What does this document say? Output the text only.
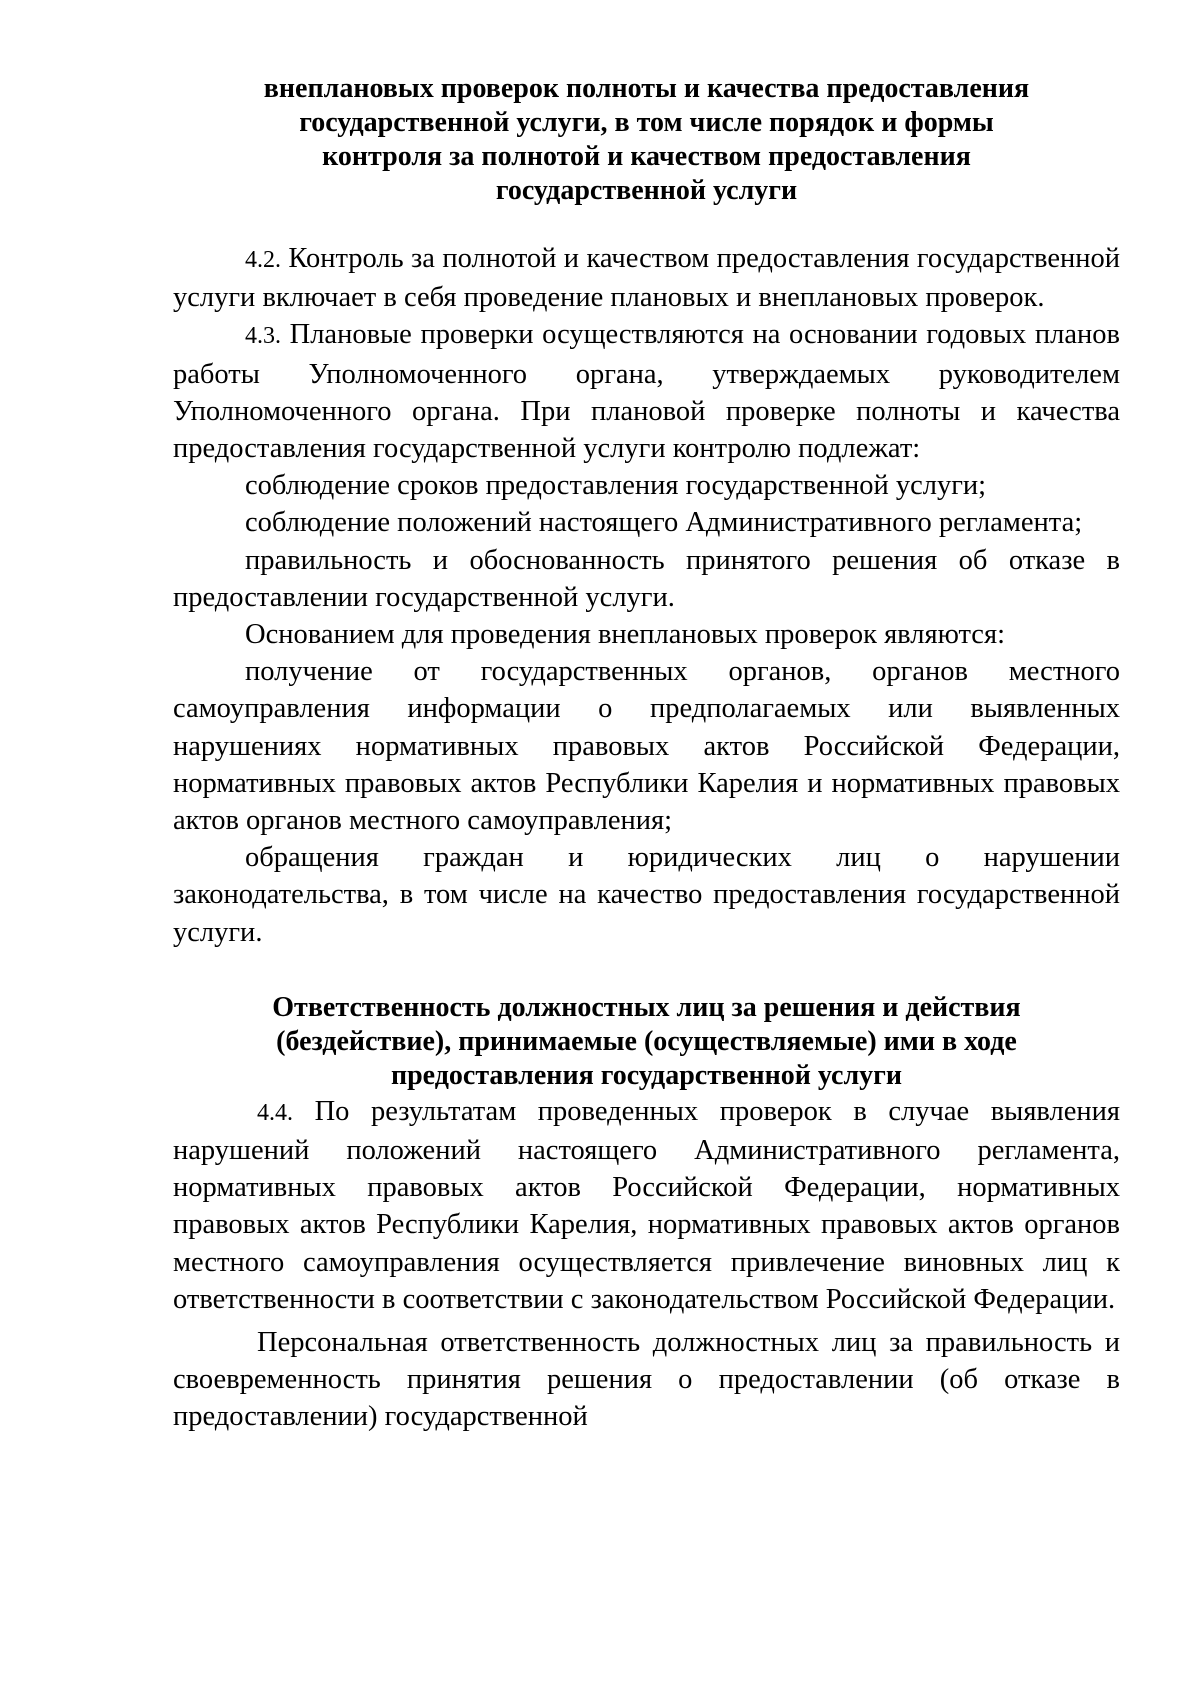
внеплановых проверок полноты и качества предоставления
государственной услуги, в том числе порядок и формы
контроля за полнотой и качеством предоставления
государственной услуги

4.2. Контроль за полнотой и качеством предоставления государственной услуги включает в себя проведение плановых и внеплановых проверок.

4.3. Плановые проверки осуществляются на основании годовых планов работы Уполномоченного органа, утверждаемых руководителем Уполномоченного органа. При плановой проверке полноты и качества предоставления государственной услуги контролю подлежат:

соблюдение сроков предоставления государственной услуги;

соблюдение положений настоящего Административного регламента;

правильность и обоснованность принятого решения об отказе в предоставлении государственной услуги.

Основанием для проведения внеплановых проверок являются:

получение от государственных органов, органов местного самоуправления информации о предполагаемых или выявленных нарушениях нормативных правовых актов Российской Федерации, нормативных правовых актов Республики Карелия и нормативных правовых актов органов местного самоуправления;

обращения граждан и юридических лиц о нарушении законодательства, в том числе на качество предоставления государственной услуги.

Ответственность должностных лиц за решения и действия
(бездействие), принимаемые (осуществляемые) ими в ходе
предоставления государственной услуги

4.4. По результатам проведенных проверок в случае выявления нарушений положений настоящего Административного регламента, нормативных правовых актов Российской Федерации, нормативных правовых актов Республики Карелия, нормативных правовых актов органов местного самоуправления осуществляется привлечение виновных лиц к ответственности в соответствии с законодательством Российской Федерации.

Персональная ответственность должностных лиц за правильность и своевременность принятия решения о предоставлении (об отказе в предоставлении) государственной
